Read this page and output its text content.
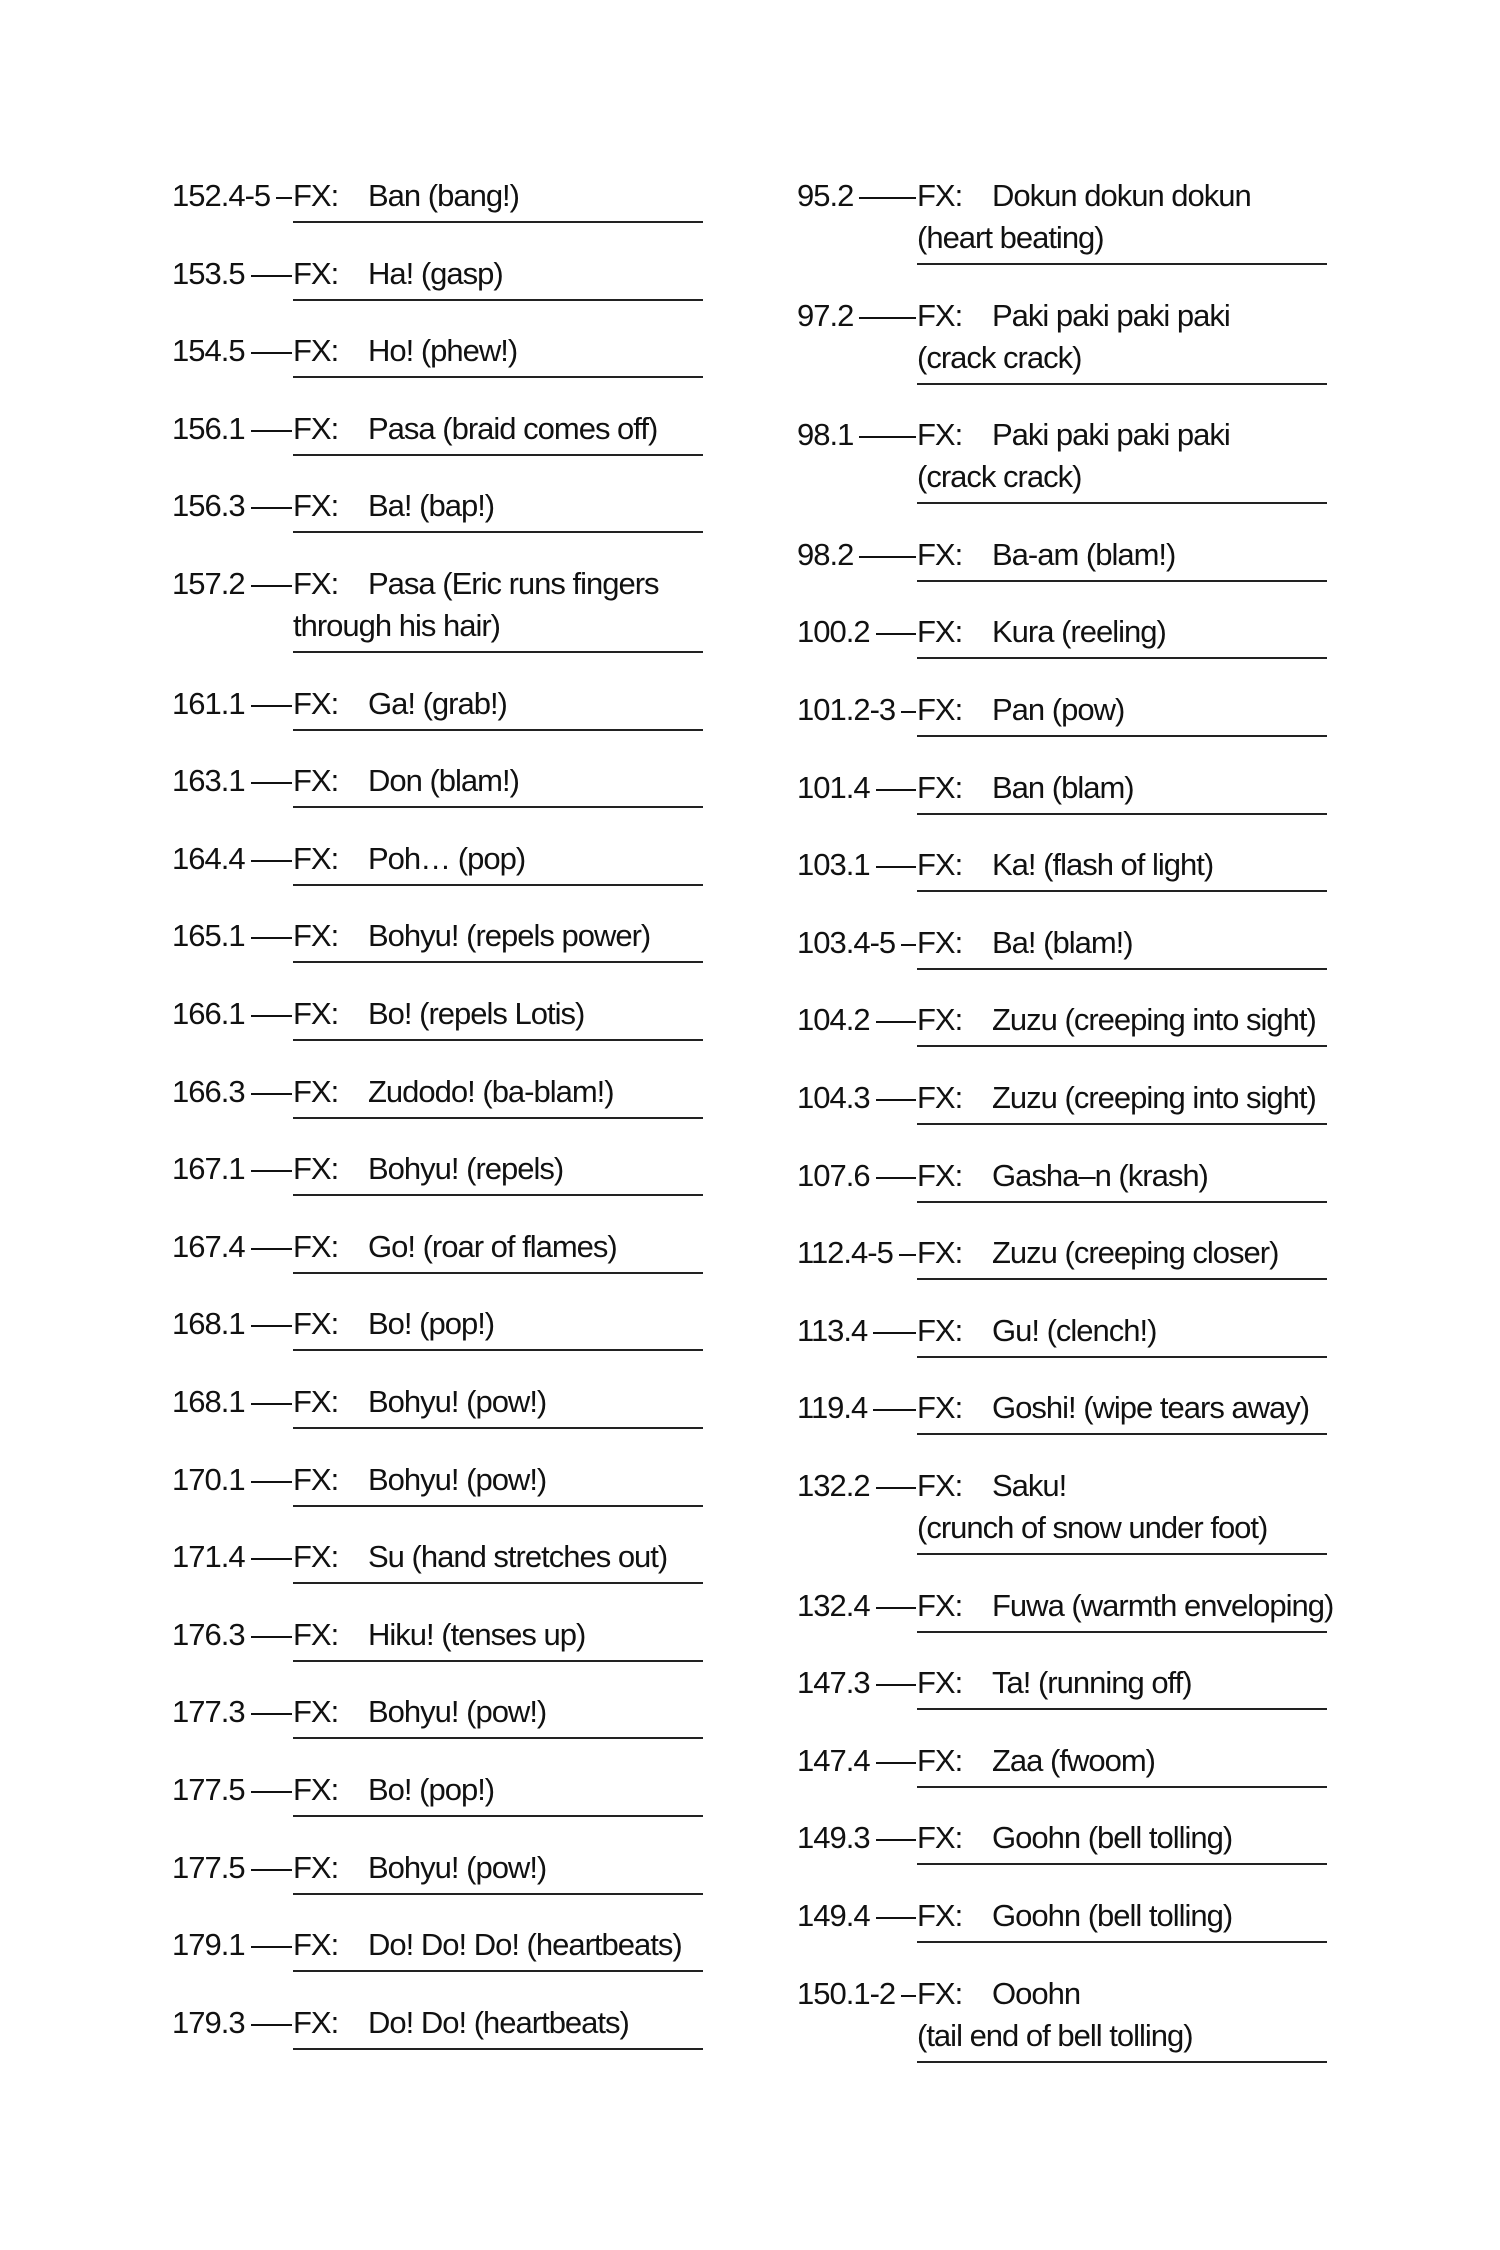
152.4-5 FX: Ban (bang!)
153.5 FX: Ha! (gasp)
154.5 FX: Ho! (phew!)
156.1 FX: Pasa (braid comes off)
156.3 FX: Ba! (bap!)
157.2 FX: Pasa (Eric runs fingers
through his hair)
161.1 FX: Ga! (grab!)
163.1 FX: Don (blam!)
164.4 FX: Poh… (pop)
165.1 FX: Bohyu! (repels power)
166.1 FX: Bo! (repels Lotis)
166.3 FX: Zudodo! (ba-blam!)
167.1 FX: Bohyu! (repels)
167.4 FX: Go! (roar of flames)
168.1 FX: Bo! (pop!)
168.1 FX: Bohyu! (pow!)
170.1 FX: Bohyu! (pow!)
171.4 FX: Su (hand stretches out)
176.3 FX: Hiku! (tenses up)
177.3 FX: Bohyu! (pow!)
177.5 FX: Bo! (pop!)
177.5 FX: Bohyu! (pow!)
179.1 FX: Do! Do! Do! (heartbeats)
179.3 FX: Do! Do! (heartbeats)
95.2 FX: Dokun dokun dokun
(heart beating)
97.2 FX: Paki paki paki paki
(crack crack)
98.1 FX: Paki paki paki paki
(crack crack)
98.2 FX: Ba-am (blam!)
100.2 FX: Kura (reeling)
101.2-3 FX: Pan (pow)
101.4 FX: Ban (blam)
103.1 FX: Ka! (flash of light)
103.4-5 FX: Ba! (blam!)
104.2 FX: Zuzu (creeping into sight)
104.3 FX: Zuzu (creeping into sight)
107.6 FX: Gasha–n (krash)
112.4-5 FX: Zuzu (creeping closer)
113.4 FX: Gu! (clench!)
119.4 FX: Goshi! (wipe tears away)
132.2 FX: Saku!
(crunch of snow under foot)
132.4 FX: Fuwa (warmth enveloping)
147.3 FX: Ta! (running off)
147.4 FX: Zaa (fwoom)
149.3 FX: Goohn (bell tolling)
149.4 FX: Goohn (bell tolling)
150.1-2 FX: Ooohn
(tail end of bell tolling)
